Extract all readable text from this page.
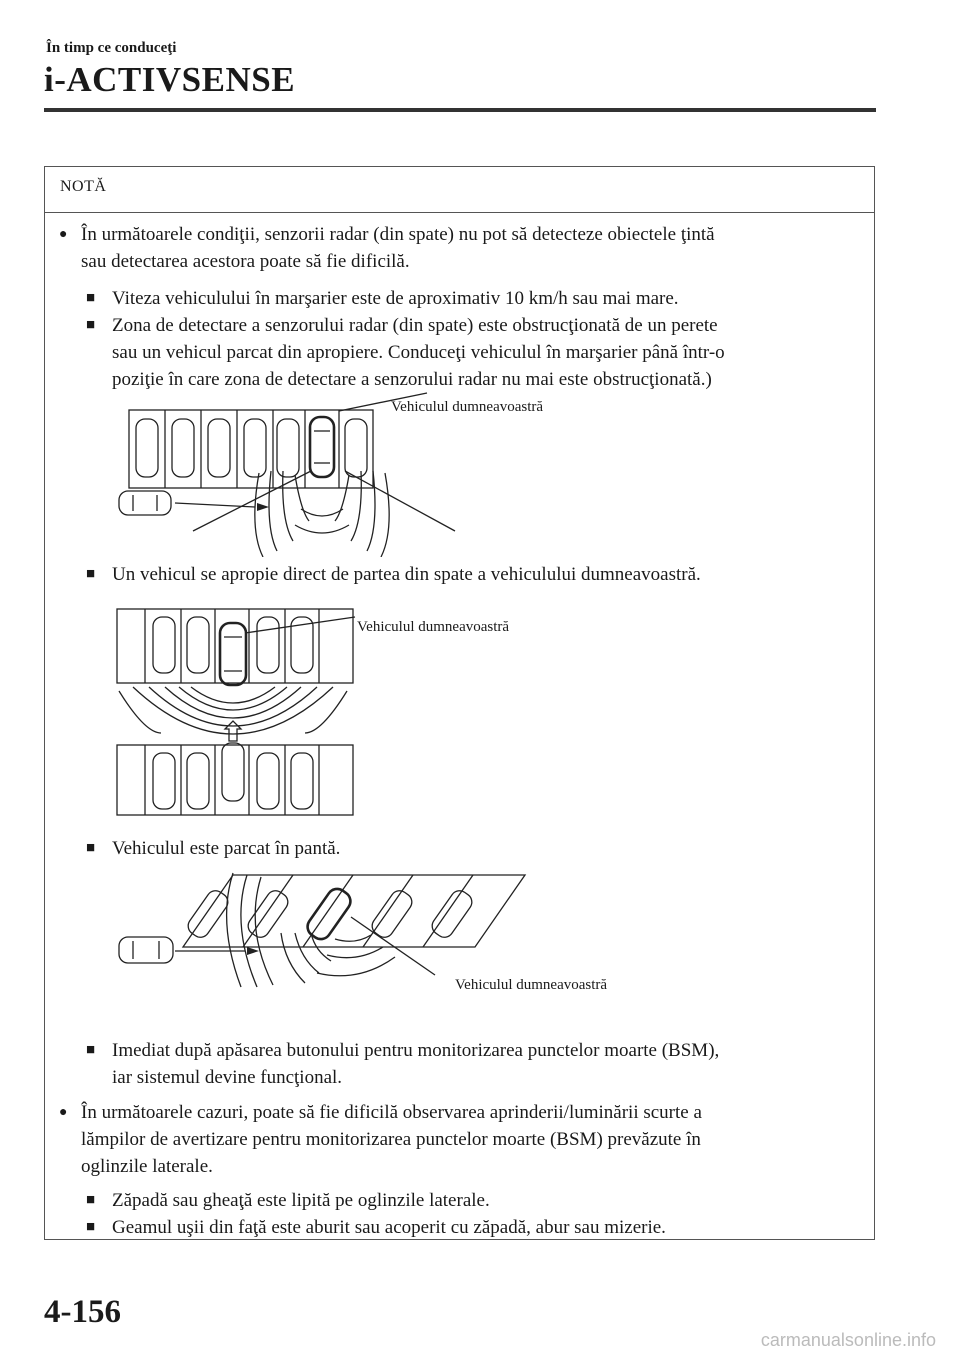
În timp ce conduceţi
i-ACTIVSENSE
NOTĂ
● În următoarele condiţii, senzorii radar (din spate) nu pot să detecteze obiectele ţintă
sau detectarea acestora poate să fie dificilă.
■ Viteza vehiculului în marşarier este de aproximativ 10 km/h sau mai mare.
■ Zona de detectare a senzorului radar (din spate) este obstrucţionată de un perete
sau un vehicul parcat din apropiere. Conduceţi vehiculul în marşarier până într-o
poziţie în care zona de detectare a senzorului radar nu mai este obstrucţionată.)
Vehiculul dumneavoastră
■ Un vehicul se apropie direct de partea din spate a vehiculului dumneavoastră.
Vehiculul dumneavoastră
■ Vehiculul este parcat în pantă.
Vehiculul dumneavoastră
■ Imediat după apăsarea butonului pentru monitorizarea punctelor moarte (BSM),
iar sistemul devine funcţional.
● În următoarele cazuri, poate să fie dificilă observarea aprinderii/luminării scurte a
lămpilor de avertizare pentru monitorizarea punctelor moarte (BSM) prevăzute în
oglinzile laterale.
■ Zăpadă sau gheaţă este lipită pe oglinzile laterale.
■ Geamul uşii din faţă este aburit sau acoperit cu zăpadă, abur sau mizerie.
4-156
carmanualsonline.info
